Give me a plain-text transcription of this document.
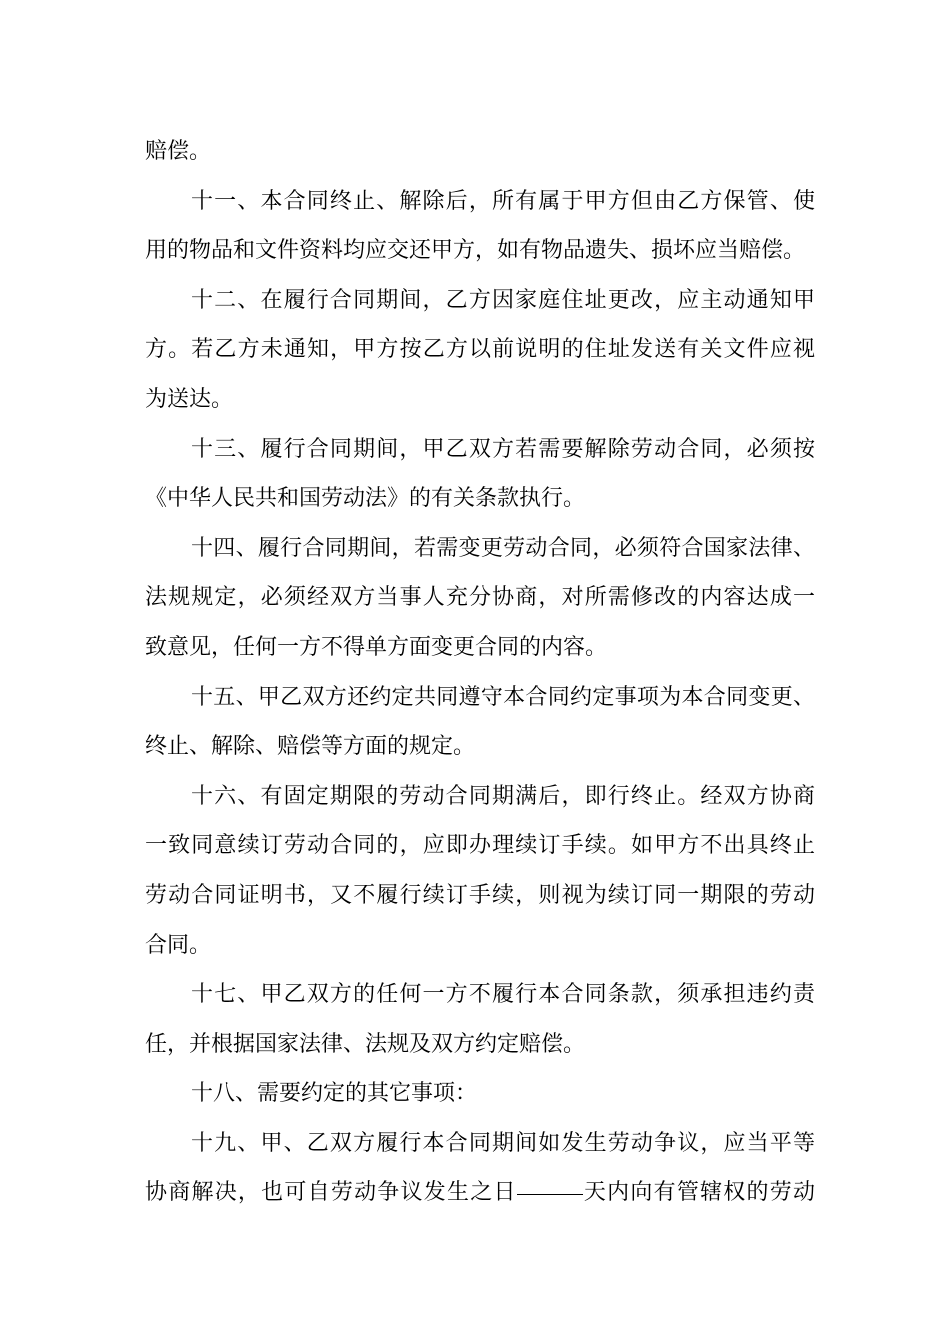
赔偿。
十一、本合同终止、解除后，所有属于甲方但由乙方保管、使
用的物品和文件资料均应交还甲方，如有物品遗失、损坏应当赔偿。
十二、在履行合同期间，乙方因家庭住址更改，应主动通知甲
方。若乙方未通知，甲方按乙方以前说明的住址发送有关文件应视
为送达。
十三、履行合同期间，甲乙双方若需要解除劳动合同，必须按
《中华人民共和国劳动法》的有关条款执行。
十四、履行合同期间，若需变更劳动合同，必须符合国家法律、
法规规定，必须经双方当事人充分协商，对所需修改的内容达成一
致意见，任何一方不得单方面变更合同的内容。
十五、甲乙双方还约定共同遵守本合同约定事项为本合同变更、
终止、解除、赔偿等方面的规定。
十六、有固定期限的劳动合同期满后，即行终止。经双方协商
一致同意续订劳动合同的，应即办理续订手续。如甲方不出具终止
劳动合同证明书，又不履行续订手续，则视为续订同一期限的劳动
合同。
十七、甲乙双方的任何一方不履行本合同条款，须承担违约责
任，并根据国家法律、法规及双方约定赔偿。
十八、需要约定的其它事项：
十九、甲、乙双方履行本合同期间如发生劳动争议，应当平等
协商解决，也可自劳动争议发生之日	天内向有管辖权的劳动
